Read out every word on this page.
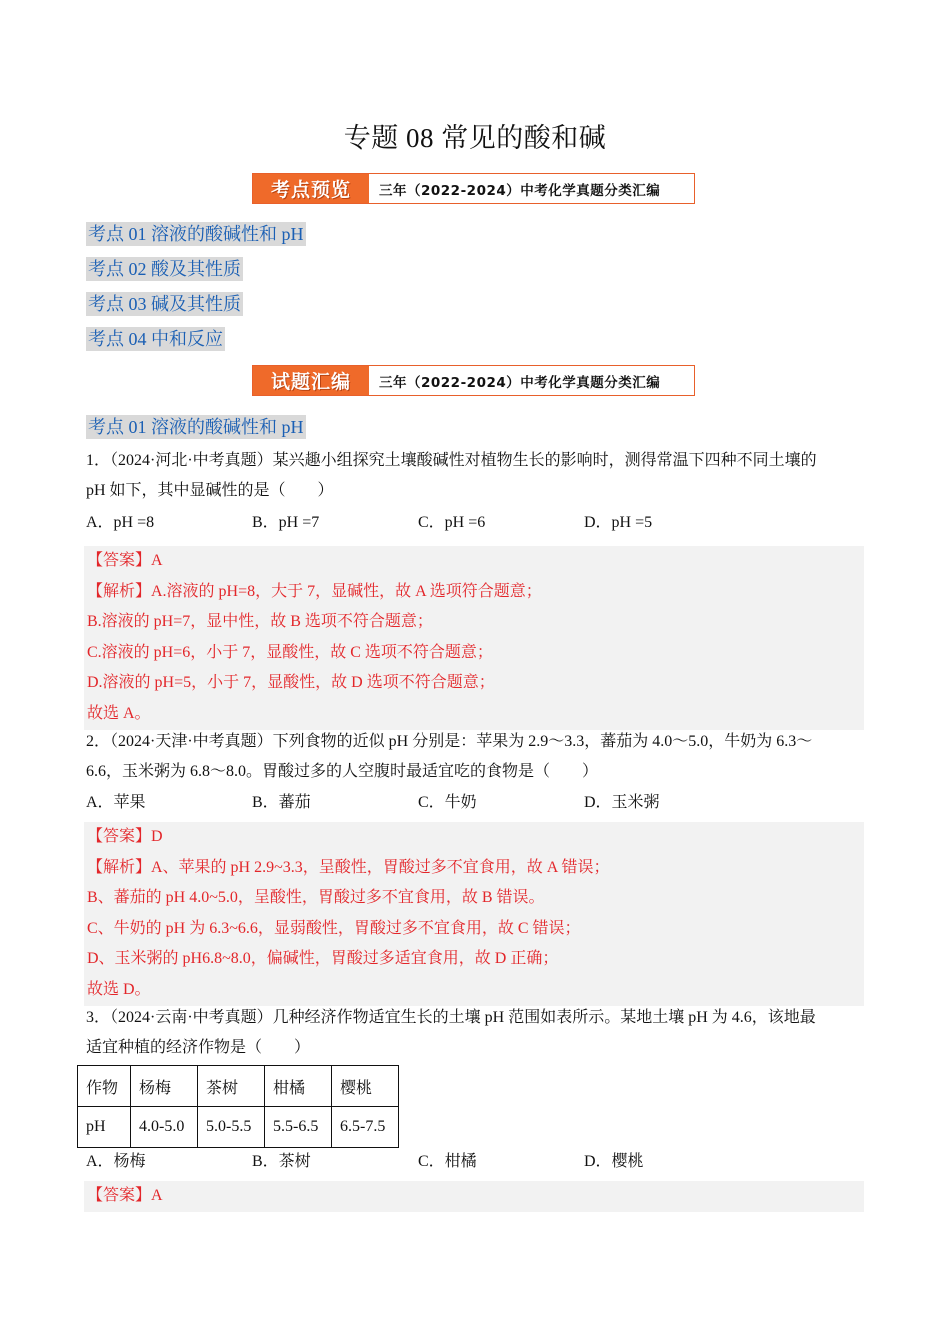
专题 08 常见的酸和碱
考点预览	三年（2022-2024）中考化学真题分类汇编
考点 01 溶液的酸碱性和 pH
考点 02 酸及其性质
考点 03 碱及其性质
考点 04 中和反应
试题汇编	三年（2022-2024）中考化学真题分类汇编
考点 01 溶液的酸碱性和 pH
1．（2024·河北·中考真题）某兴趣小组探究土壤酸碱性对植物生长的影响时，测得常温下四种不同土壤的
pH 如下，其中显碱性的是（　　）
A．pH =8	B．pH =7	C．pH =6	D．pH =5
【答案】A
【解析】A.溶液的 pH=8，大于 7，显碱性，故 A 选项符合题意；
B.溶液的 pH=7，显中性，故 B 选项不符合题意；
C.溶液的 pH=6，小于 7，显酸性，故 C 选项不符合题意；
D.溶液的 pH=5，小于 7，显酸性，故 D 选项不符合题意；
故选 A。
2．（2024·天津·中考真题）下列食物的近似 pH 分别是：苹果为 2.9～3.3，蕃茄为 4.0～5.0，牛奶为 6.3～
6.6，玉米粥为 6.8～8.0。胃酸过多的人空腹时最适宜吃的食物是（　　）
A．苹果	B．蕃茄	C．牛奶	D．玉米粥
【答案】D
【解析】A、苹果的 pH 2.9~3.3，呈酸性，胃酸过多不宜食用，故 A 错误；
B、蕃茄的 pH 4.0~5.0，呈酸性，胃酸过多不宜食用，故 B 错误。
C、牛奶的 pH 为 6.3~6.6，显弱酸性，胃酸过多不宜食用，故 C 错误；
D、玉米粥的 pH6.8~8.0，偏碱性，胃酸过多适宜食用，故 D 正确；
故选 D。
3．（2024·云南·中考真题）几种经济作物适宜生长的土壤 pH 范围如表所示。某地土壤 pH 为 4.6，该地最
适宜种植的经济作物是（　　）
作物	杨梅	茶树	柑橘	樱桃
pH	4.0-5.0	5.0-5.5	5.5-6.5	6.5-7.5
A．杨梅	B．茶树	C．柑橘	D．樱桃
【答案】A
